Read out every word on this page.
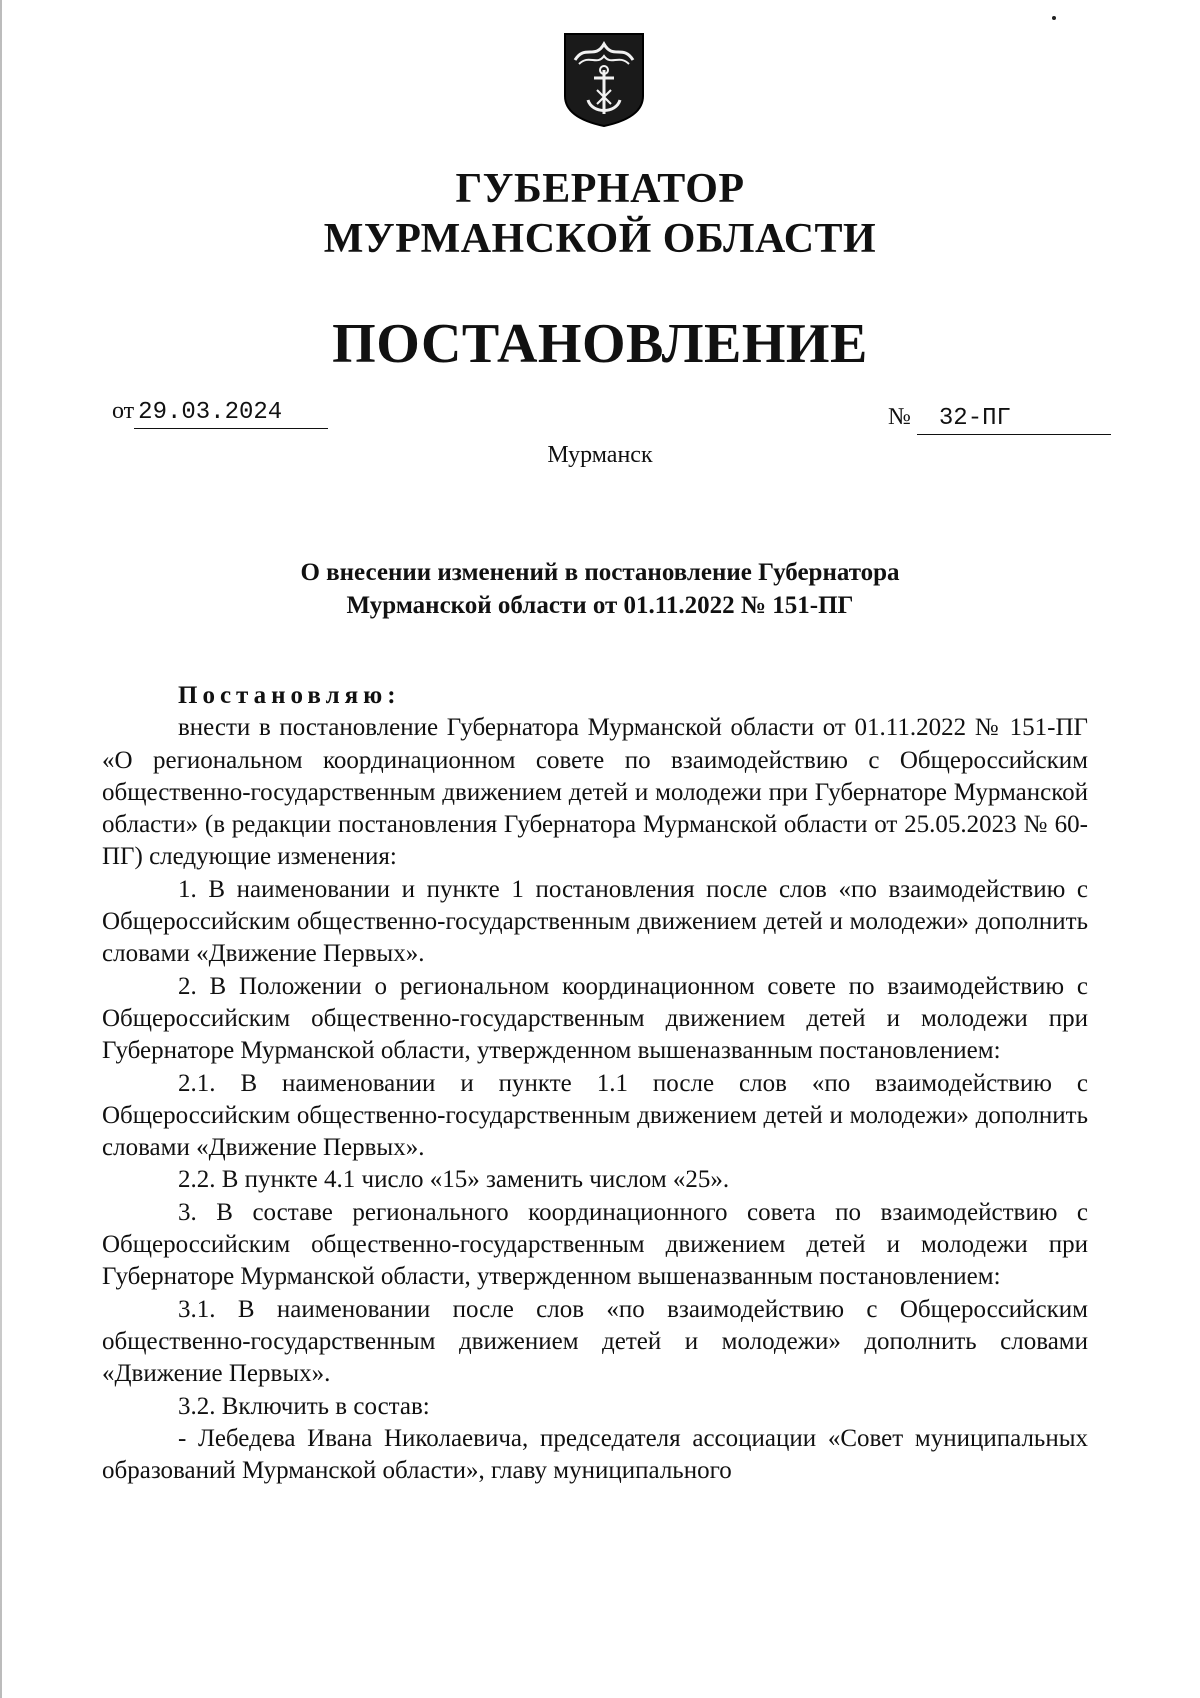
ГУБЕРНАТОР
МУРМАНСКОЙ ОБЛАСТИ
ПОСТАНОВЛЕНИЕ
от 29.03.2024	№ 32-ПГ
Мурманск
О внесении изменений в постановление Губернатора
Мурманской области от 01.11.2022 № 151-ПГ

Постановляю:

внести в постановление Губернатора Мурманской области от 01.11.2022 № 151-ПГ «О региональном координационном совете по взаимодействию с Общероссийским общественно-государственным движением детей и молодежи при Губернаторе Мурманской области» (в редакции постановления Губернатора Мурманской области от 25.05.2023 № 60-ПГ) следующие изменения:

1. В наименовании и пункте 1 постановления после слов «по взаимодействию с Общероссийским общественно-государственным движением детей и молодежи» дополнить словами «Движение Первых».

2. В Положении о региональном координационном совете по взаимодействию с Общероссийским общественно-государственным движением детей и молодежи при Губернаторе Мурманской области, утвержденном вышеназванным постановлением:

2.1. В наименовании и пункте 1.1 после слов «по взаимодействию с Общероссийским общественно-государственным движением детей и молодежи» дополнить словами «Движение Первых».

2.2. В пункте 4.1 число «15» заменить числом «25».

3. В составе регионального координационного совета по взаимодействию с Общероссийским общественно-государственным движением детей и молодежи при Губернаторе Мурманской области, утвержденном вышеназванным постановлением:

3.1. В наименовании после слов «по взаимодействию с Общероссийским общественно-государственным движением детей и молодежи» дополнить словами «Движение Первых».

3.2. Включить в состав:

- Лебедева Ивана Николаевича, председателя ассоциации «Совет муниципальных образований Мурманской области», главу муниципального
